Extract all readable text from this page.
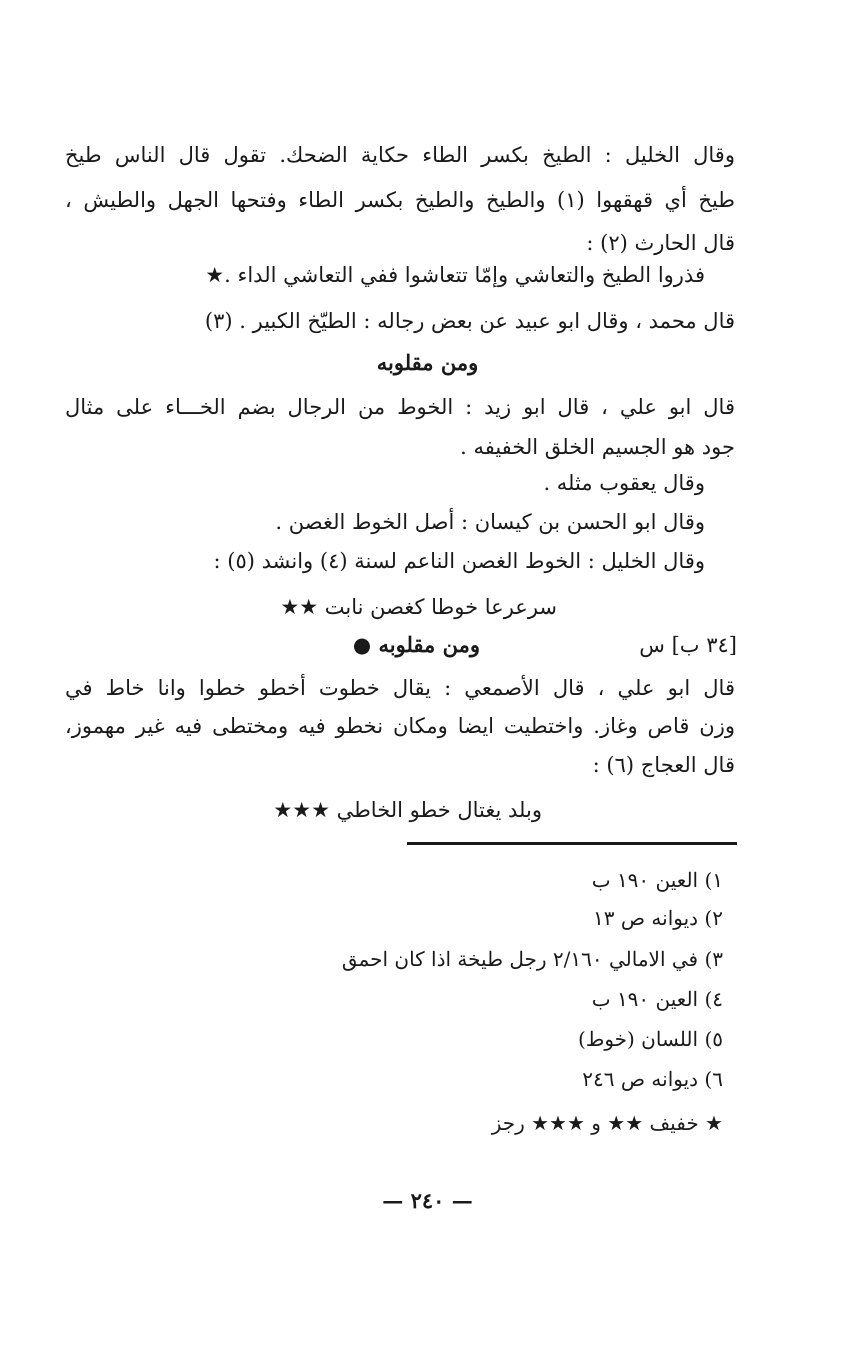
وقال الخليل : الطيخ بكسر الطاء حكاية الضحك. تقول قال الناس طيخ
طيخ أي قهقهوا (١) والطيخ والطيخ بكسر الطاء وفتحها الجهل والطيش ،
قال الحارث (٢) :
فذروا الطيخ والتعاشي وإمّا تتعاشوا ففي التعاشي الداء .★
قال محمد ، وقال ابو عبيد عن بعض رجاله : الطيّخ الكبير . (٣)
ومن مقلوبه
قال ابو علي ، قال ابو زيد : الخوط من الرجال بضم الخـــاء على مثال
جود هو الجسيم الخلق الخفيفه .
وقال يعقوب مثله .
وقال ابو الحسن بن كيسان : أصل الخوط الغصن .
وقال الخليل : الخوط الغصن الناعم لسنة (٤) وانشد (٥) :
سرعرعا خوطا كغصن نابت ★★
[٣٤ ب] س
ومن مقلوبه ●
قال ابو علي ، قال الأصمعي : يقال خطوت أخطو خطوا وانا خاط في
وزن قاص وغاز. واختطيت ايضا ومكان نخطو فيه ومختطى فيه غير مهموز،
قال العجاج (٦) :
وبلد يغتال خطو الخاطي ★★★
١) العين ١٩٠ ب
٢) ديوانه ص ١٣
٣) في الامالي ٢/١٦٠ رجل طيخة اذا كان احمق
٤) العين ١٩٠ ب
٥) اللسان (خوط)
٦) ديوانه ص ٢٤٦
★ خفيف ★★ و ★★★ رجز
— ٢٤٠ —
